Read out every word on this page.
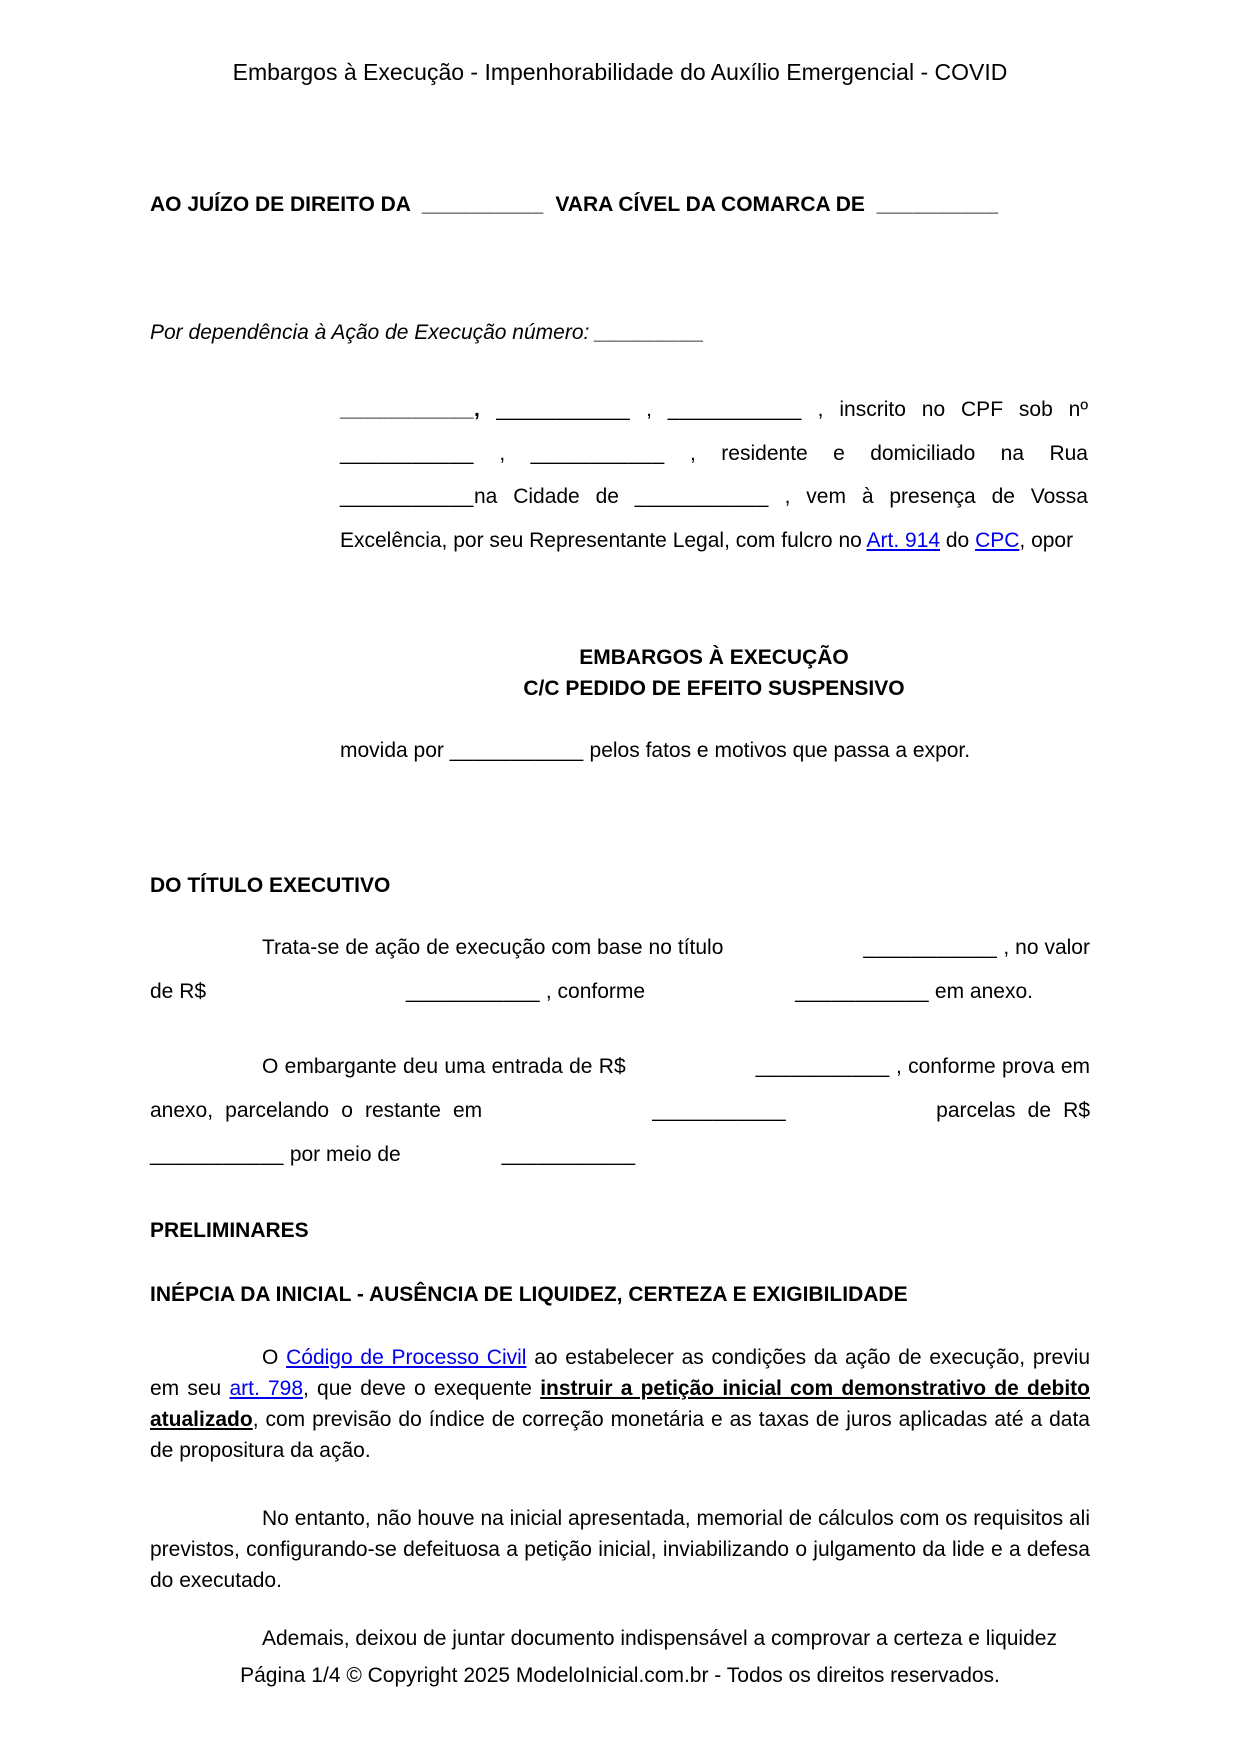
Embargos à Execução - Impenhorabilidade do Auxílio Emergencial - COVID
AO JUÍZO DE DIREITO DA  __________  VARA CÍVEL DA COMARCA DE  __________
Por dependência à Ação de Execução número: _________
___________, ___________ , ___________ , inscrito no CPF sob nº ___________ , ___________ , residente e domiciliado na Rua ___________na Cidade de ___________ , vem à presença de Vossa Excelência, por seu Representante Legal, com fulcro no Art. 914 do CPC, opor
EMBARGOS À EXECUÇÃO
C/C PEDIDO DE EFEITO SUSPENSIVO
movida por ___________ pelos fatos e motivos que passa a expor.
DO TÍTULO EXECUTIVO
Trata-se de ação de execução com base no título	___________ , no valor de R$	___________ , conforme	___________ em anexo.
O embargante deu uma entrada de R$	___________ , conforme prova em anexo, parcelando o restante em	___________	parcelas de R$ ___________ por meio de	___________
PRELIMINARES
INÉPCIA DA INICIAL - AUSÊNCIA DE LIQUIDEZ, CERTEZA E EXIGIBILIDADE
O Código de Processo Civil ao estabelecer as condições da ação de execução, previu em seu art. 798, que deve o exequente instruir a petição inicial com demonstrativo de debito atualizado, com previsão do índice de correção monetária e as taxas de juros aplicadas até a data de propositura da ação.
No entanto, não houve na inicial apresentada, memorial de cálculos com os requisitos ali previstos, configurando-se defeituosa a petição inicial, inviabilizando o julgamento da lide e a defesa do executado.
Ademais, deixou de juntar documento indispensável a comprovar a certeza e liquidez
Página 1/4 © Copyright 2025 ModeloInicial.com.br - Todos os direitos reservados.
